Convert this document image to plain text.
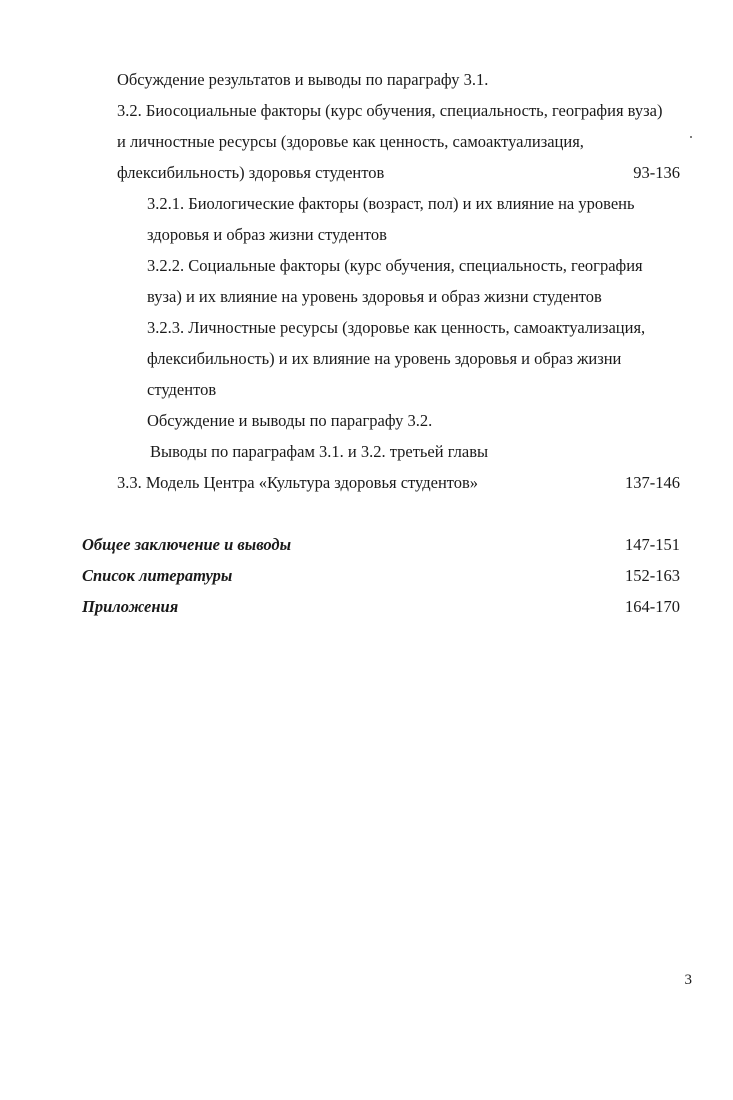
Обсуждение результатов и выводы по параграфу 3.1.
3.2. Биосоциальные факторы (курс обучения, специальность, география вуза)
и личностные ресурсы (здоровье как ценность, самоактуализация,
флексибильность) здоровья студентов	93-136
3.2.1. Биологические факторы (возраст, пол) и их влияние на уровень
здоровья и образ жизни студентов
3.2.2. Социальные факторы (курс обучения, специальность, география
вуза) и их влияние на уровень здоровья и образ жизни студентов
3.2.3. Личностные ресурсы (здоровье как ценность, самоактуализация,
флексибильность) и их влияние на уровень здоровья и образ жизни
студентов
Обсуждение и выводы по параграфу 3.2.
Выводы по параграфам 3.1. и 3.2. третьей главы
3.3. Модель Центра «Культура здоровья студентов»	137-146
Общее заключение и выводы	147-151
Список литературы	152-163
Приложения	164-170
3
